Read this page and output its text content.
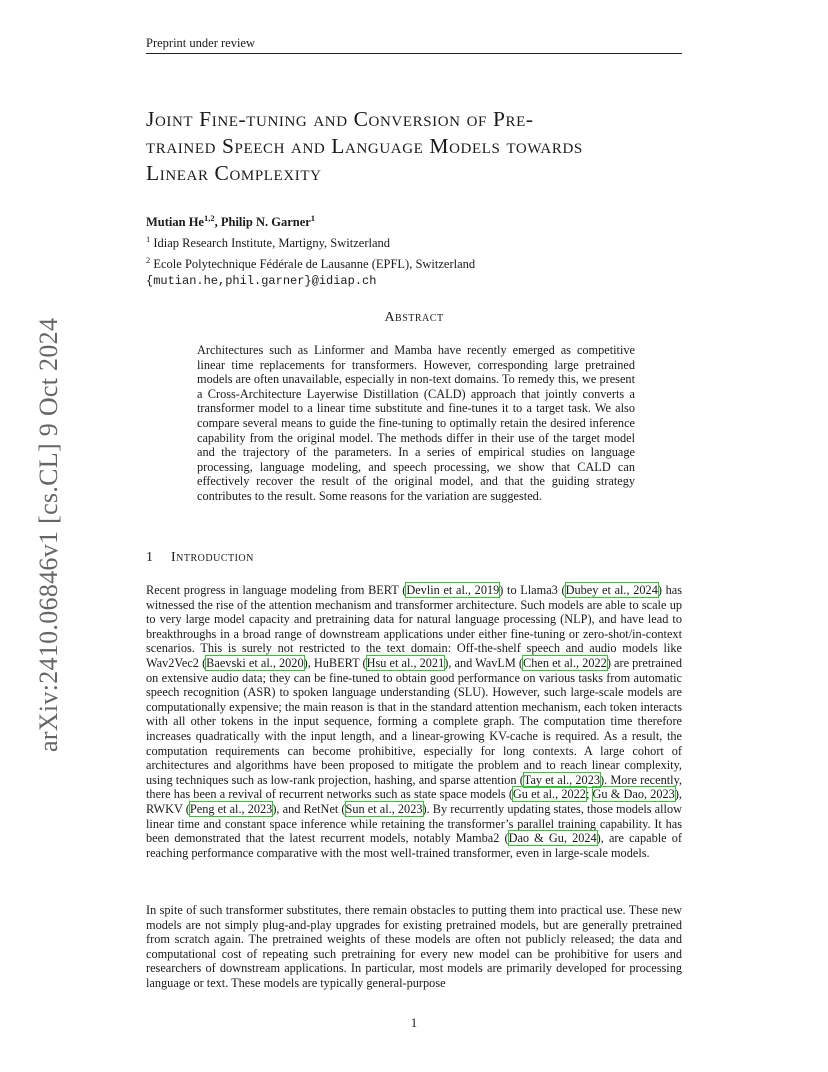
Preprint under review
Joint Fine-tuning and Conversion of Pre-
trained Speech and Language Models towards
Linear Complexity
Mutian He$^{1,2}$, Philip N. Garner$^1$
$^1$ Idiap Research Institute, Martigny, Switzerland
$^2$ Ecole Polytechnique Fédérale de Lausanne (EPFL), Switzerland
{mutian.he,phil.garner}@idiap.ch
arXiv:2410.06846v1 [cs.CL] 9 Oct 2024
Abstract

Architectures such as Linformer and Mamba have recently emerged as competitive linear time replacements for transformers. However, corresponding large pretrained models are often unavailable, especially in non-text domains. To remedy this, we present a Cross-Architecture Layerwise Distillation (CALD) approach that jointly converts a transformer model to a linear time substitute and fine-tunes it to a target task. We also compare several means to guide the fine-tuning to optimally retain the desired inference capability from the original model. The methods differ in their use of the target model and the trajectory of the parameters. In a series of empirical studies on language processing, language modeling, and speech processing, we show that CALD can effectively recover the result of the original model, and that the guiding strategy contributes to the result. Some reasons for the variation are suggested.

1 Introduction

Recent progress in language modeling from BERT (Devlin et al., 2019) to Llama3 (Dubey et al., 2024) has witnessed the rise of the attention mechanism and transformer architecture. Such models are able to scale up to very large model capacity and pretraining data for natural language processing (NLP), and have lead to breakthroughs in a broad range of downstream applications under either fine-tuning or zero-shot/in-context scenarios. This is surely not restricted to the text domain: Off-the-shelf speech and audio models like Wav2Vec2 (Baevski et al., 2020), HuBERT (Hsu et al., 2021), and WavLM (Chen et al., 2022) are pretrained on extensive audio data; they can be fine-tuned to obtain good performance on various tasks from automatic speech recognition (ASR) to spoken language understanding (SLU). However, such large-scale models are computationally expensive; the main reason is that in the standard attention mechanism, each token interacts with all other tokens in the input sequence, forming a complete graph. The computation time therefore increases quadratically with the input length, and a linear-growing KV-cache is required. As a result, the computation requirements can become prohibitive, especially for long contexts. A large cohort of architectures and algorithms have been proposed to mitigate the problem and to reach linear complexity, using techniques such as low-rank projection, hashing, and sparse attention (Tay et al., 2023). More recently, there has been a revival of recurrent networks such as state space models (Gu et al., 2022; Gu & Dao, 2023), RWKV (Peng et al., 2023), and RetNet (Sun et al., 2023). By recurrently updating states, those models allow linear time and constant space inference while retaining the transformer’s parallel training capability. It has been demonstrated that the latest recurrent models, notably Mamba2 (Dao & Gu, 2024), are capable of reaching performance comparative with the most well-trained transformer, even in large-scale models.

In spite of such transformer substitutes, there remain obstacles to putting them into practical use. These new models are not simply plug-and-play upgrades for existing pretrained models, but are generally pretrained from scratch again. The pretrained weights of these models are often not publicly released; the data and computational cost of repeating such pretraining for every new model can be prohibitive for users and researchers of downstream applications. In particular, most models are primarily developed for processing language or text. These models are typically general-purpose

1
